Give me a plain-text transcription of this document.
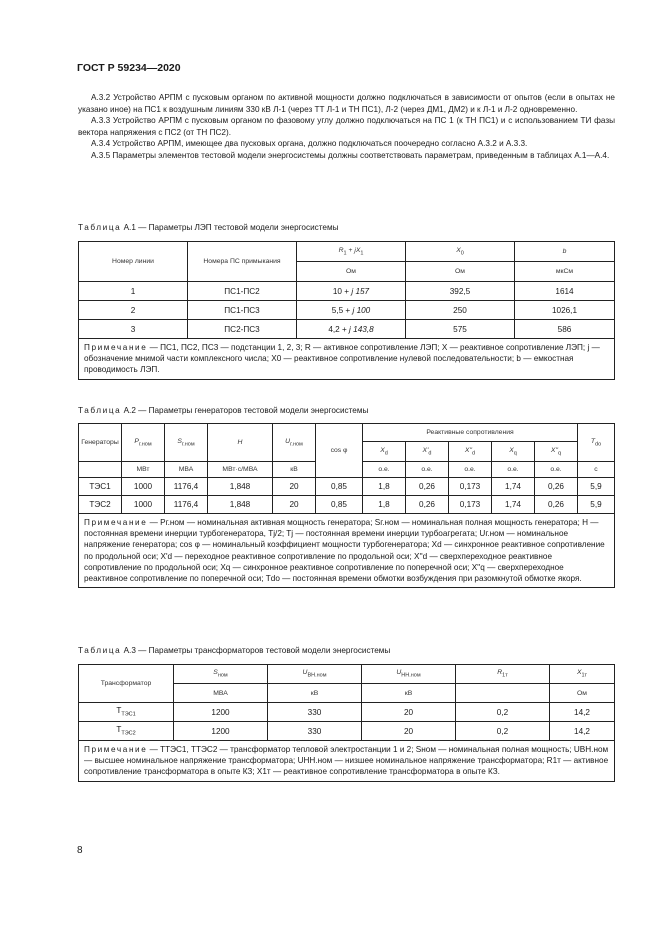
ГОСТ Р 59234—2020

А.3.2 Устройство АРПМ с пусковым органом по активной мощности должно подключаться в зависимости от опытов (если в опытах не указано иное) на ПС1 к воздушным линиям 330 кВ Л-1 (через ТТ Л-1 и ТН ПС1), Л-2 (через ДМ1, ДМ2) и к Л-1 и Л-2 одновременно.

А.3.3 Устройство АРПМ с пусковым органом по фазовому углу должно подключаться на ПС 1 (к ТН ПС1) и с использованием ТИ фазы вектора напряжения с ПС2 (от ТН ПС2).

А.3.4 Устройство АРПМ, имеющее два пусковых органа, должно подключаться поочередно согласно А.3.2 и А.3.3.

А.3.5 Параметры элементов тестовой модели энергосистемы должны соответствовать параметрам, приведенным в таблицах А.1—А.4.

Таблица А.1 — Параметры ЛЭП тестовой модели энергосистемы
Номер линии	Номера ПС примыкания	$R_1 + jX_1$	$X_0$	b
		Ом	Ом	мкСм
1	ПС1-ПС2	10 + j 157	392,5	1614
2	ПС1-ПС3	5,5 + j 100	250	1026,1
3	ПС2-ПС3	4,2 + j 143,8	575	586
Примечание — ПС1, ПС2, ПС3 — подстанции 1, 2, 3; R — активное сопротивление ЛЭП; X — реактивное сопротивление ЛЭП; j — обозначение мнимой части комплексного числа; X0 — реактивное сопротивление нулевой последовательности; b — емкостная проводимость ЛЭП.				
Таблица А.2 — Параметры генераторов тестовой модели энергосистемы
Генераторы	$P_{г.ном}$	$S_{г.ном}$	H	$U_{г.ном}$	cos φ	Реактивные сопротивления					$T_{do}$
						$X_d$	$X'_d$	$X''_d$	$X_q$	$X''_q$
	МВт	МВА	МВт·с/МВА	кВ		о.е.	о.е.	о.е.	о.е.	о.е.	с
ТЭС1	1000	1176,4	1,848	20	0,85	1,8	0,26	0,173	1,74	0,26	5,9
ТЭС2	1000	1176,4	1,848	20	0,85	1,8	0,26	0,173	1,74	0,26	5,9
Примечание — Pг.ном — номинальная активная мощность генератора; Sг.ном — номинальная полная мощность генератора; H — постоянная времени инерции турбогенератора, Tj/2; Tj — постоянная времени инерции турбоагрегата; Uг.ном — номинальное напряжение генератора; cos φ — номинальный коэффициент мощности турбогенератора; Xd — синхронное реактивное сопротивление по продольной оси; X'd — переходное реактивное сопротивление по продольной оси; X''d — сверхпереходное реактивное сопротивление по продольной оси; Xq — синхронное реактивное сопротивление по поперечной оси; X''q — сверхпереходное реактивное сопротивление по поперечной оси; Tdo — постоянная времени обмотки возбуждения при разомкнутой обмотке якоря.											
Таблица А.3 — Параметры трансформаторов тестовой модели энергосистемы
Трансформатор	$S_{ном}$	$U_{ВН.ном}$	$U_{НН.ном}$	$R_{1т}$	$X_{1т}$
	МВА	кВ	кВ		Ом
$Т_{ТЭС1}$	1200	330	20	0,2	14,2
$Т_{ТЭС2}$	1200	330	20	0,2	14,2
Примечание — ТТЭС1, ТТЭС2 — трансформатор тепловой электростанции 1 и 2; Sном — номинальная полная мощность; UВН.ном — высшее номинальное напряжение трансформатора; UНН.ном — низшее номинальное напряжение трансформатора; R1т — активное сопротивление трансформатора в опыте КЗ; X1т — реактивное сопротивление трансформатора в опыте КЗ.					
8
